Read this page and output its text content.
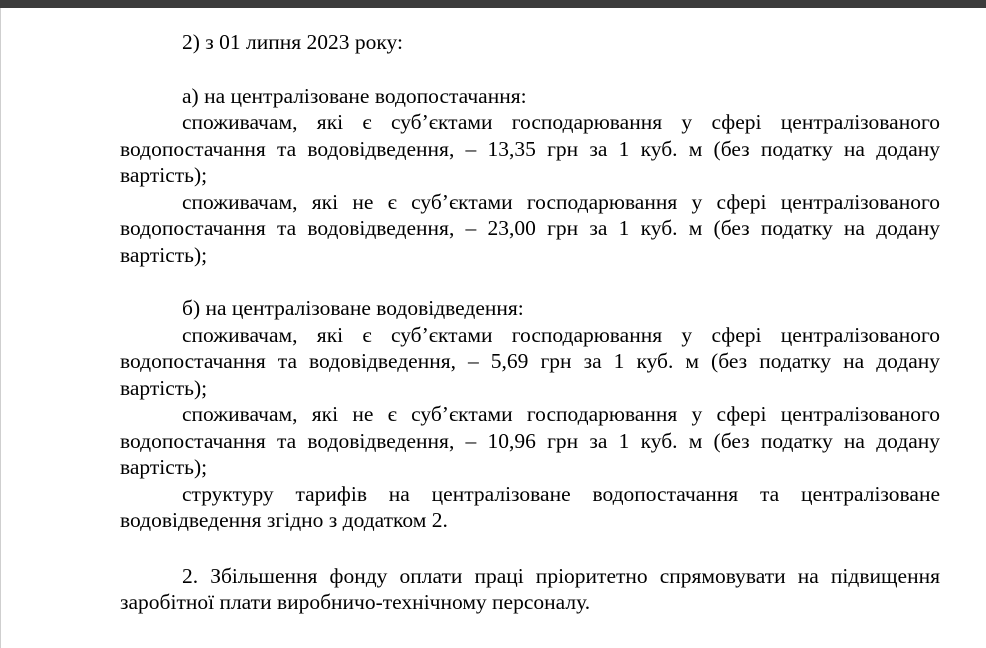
2) з 01 липня 2023 року:

а) на централізоване водопостачання:

споживачам, які є суб’єктами господарювання у сфері централізованого водопостачання та водовідведення, – 13,35 грн за 1 куб. м (без податку на додану вартість);

споживачам, які не є суб’єктами господарювання у сфері централізованого водопостачання та водовідведення, – 23,00 грн за 1 куб. м (без податку на додану вартість);

б) на централізоване водовідведення:

споживачам, які є суб’єктами господарювання у сфері централізованого водопостачання та водовідведення, – 5,69 грн за 1 куб. м (без податку на додану вартість);

споживачам, які не є суб’єктами господарювання у сфері централізованого водопостачання та водовідведення, – 10,96 грн за 1 куб. м (без податку на додану вартість);

структуру тарифів на централізоване водопостачання та централізоване водовідведення згідно з додатком 2.

2. Збільшення фонду оплати праці пріоритетно спрямовувати на підвищення заробітної плати виробничо-технічному персоналу.
